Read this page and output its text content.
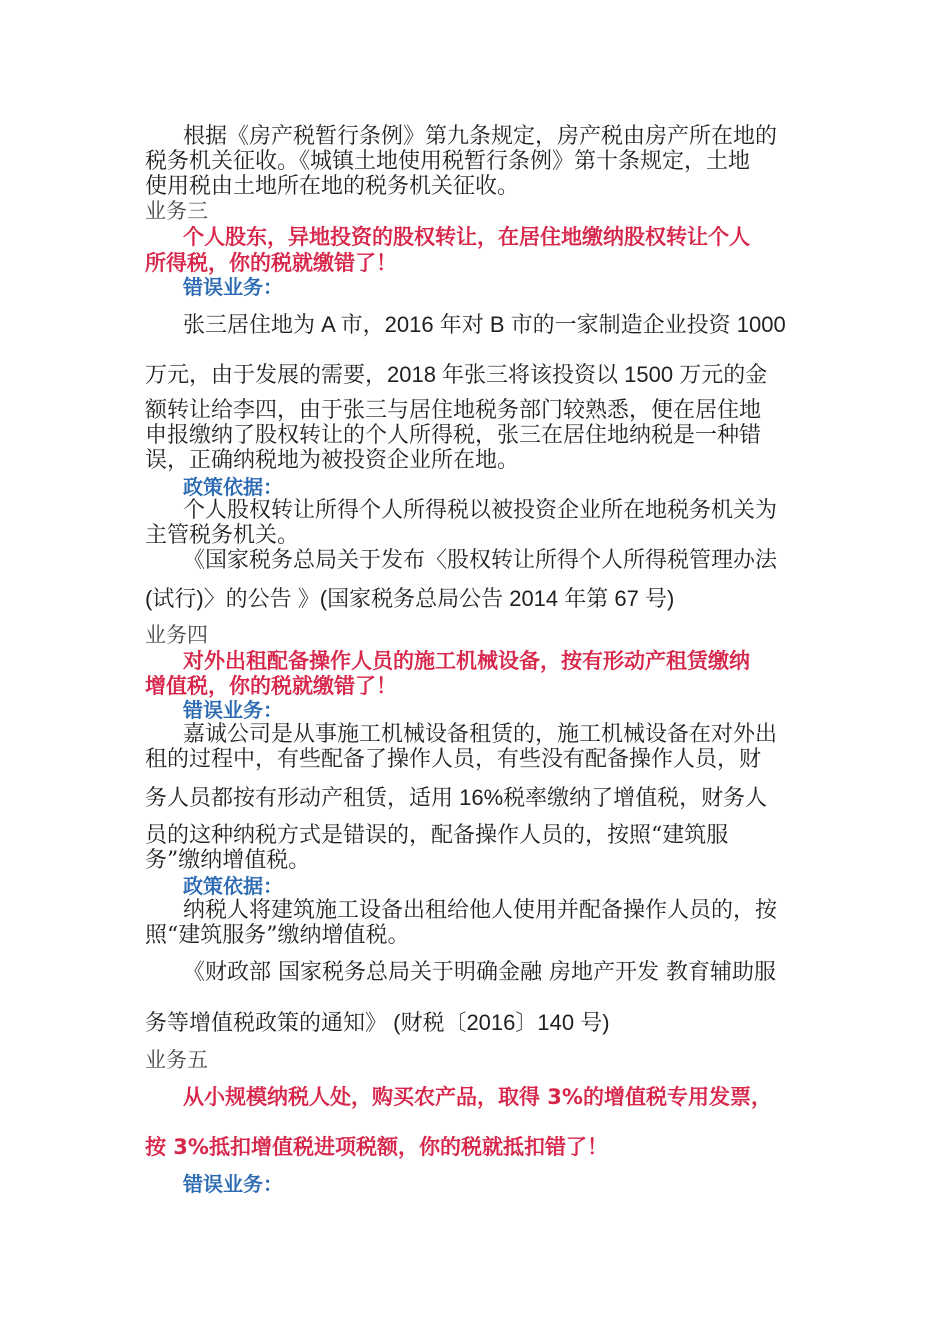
根据《房产税暂行条例》第九条规定，房产税由房产所在地的
税务机关征收。《城镇土地使用税暂行条例》第十条规定，土地
使用税由土地所在地的税务机关征收。
业务三
个人股东，异地投资的股权转让，在居住地缴纳股权转让个人
所得税，你的税就缴错了！
错误业务：
张三居住地为 A 市，2016 年对 B 市的一家制造企业投资 1000
万元，由于发展的需要，2018 年张三将该投资以 1500 万元的金
额转让给李四，由于张三与居住地税务部门较熟悉，便在居住地
申报缴纳了股权转让的个人所得税，张三在居住地纳税是一种错
误，正确纳税地为被投资企业所在地。
政策依据：
个人股权转让所得个人所得税以被投资企业所在地税务机关为
主管税务机关。
《国家税务总局关于发布〈股权转让所得个人所得税管理办法
(试行)〉的公告 》(国家税务总局公告 2014 年第 67 号)
业务四
对外出租配备操作人员的施工机械设备，按有形动产租赁缴纳
增值税，你的税就缴错了！
错误业务：
嘉诚公司是从事施工机械设备租赁的，施工机械设备在对外出
租的过程中，有些配备了操作人员，有些没有配备操作人员，财
务人员都按有形动产租赁，适用 16%税率缴纳了增值税，财务人
员的这种纳税方式是错误的，配备操作人员的，按照“建筑服
务”缴纳增值税。
政策依据：
纳税人将建筑施工设备出租给他人使用并配备操作人员的，按
照“建筑服务”缴纳增值税。
《财政部 国家税务总局关于明确金融 房地产开发 教育辅助服
务等增值税政策的通知》 (财税〔2016〕140 号)
业务五
从小规模纳税人处，购买农产品，取得 3%的增值税专用发票，
按 3%抵扣增值税进项税额，你的税就抵扣错了！
错误业务：
